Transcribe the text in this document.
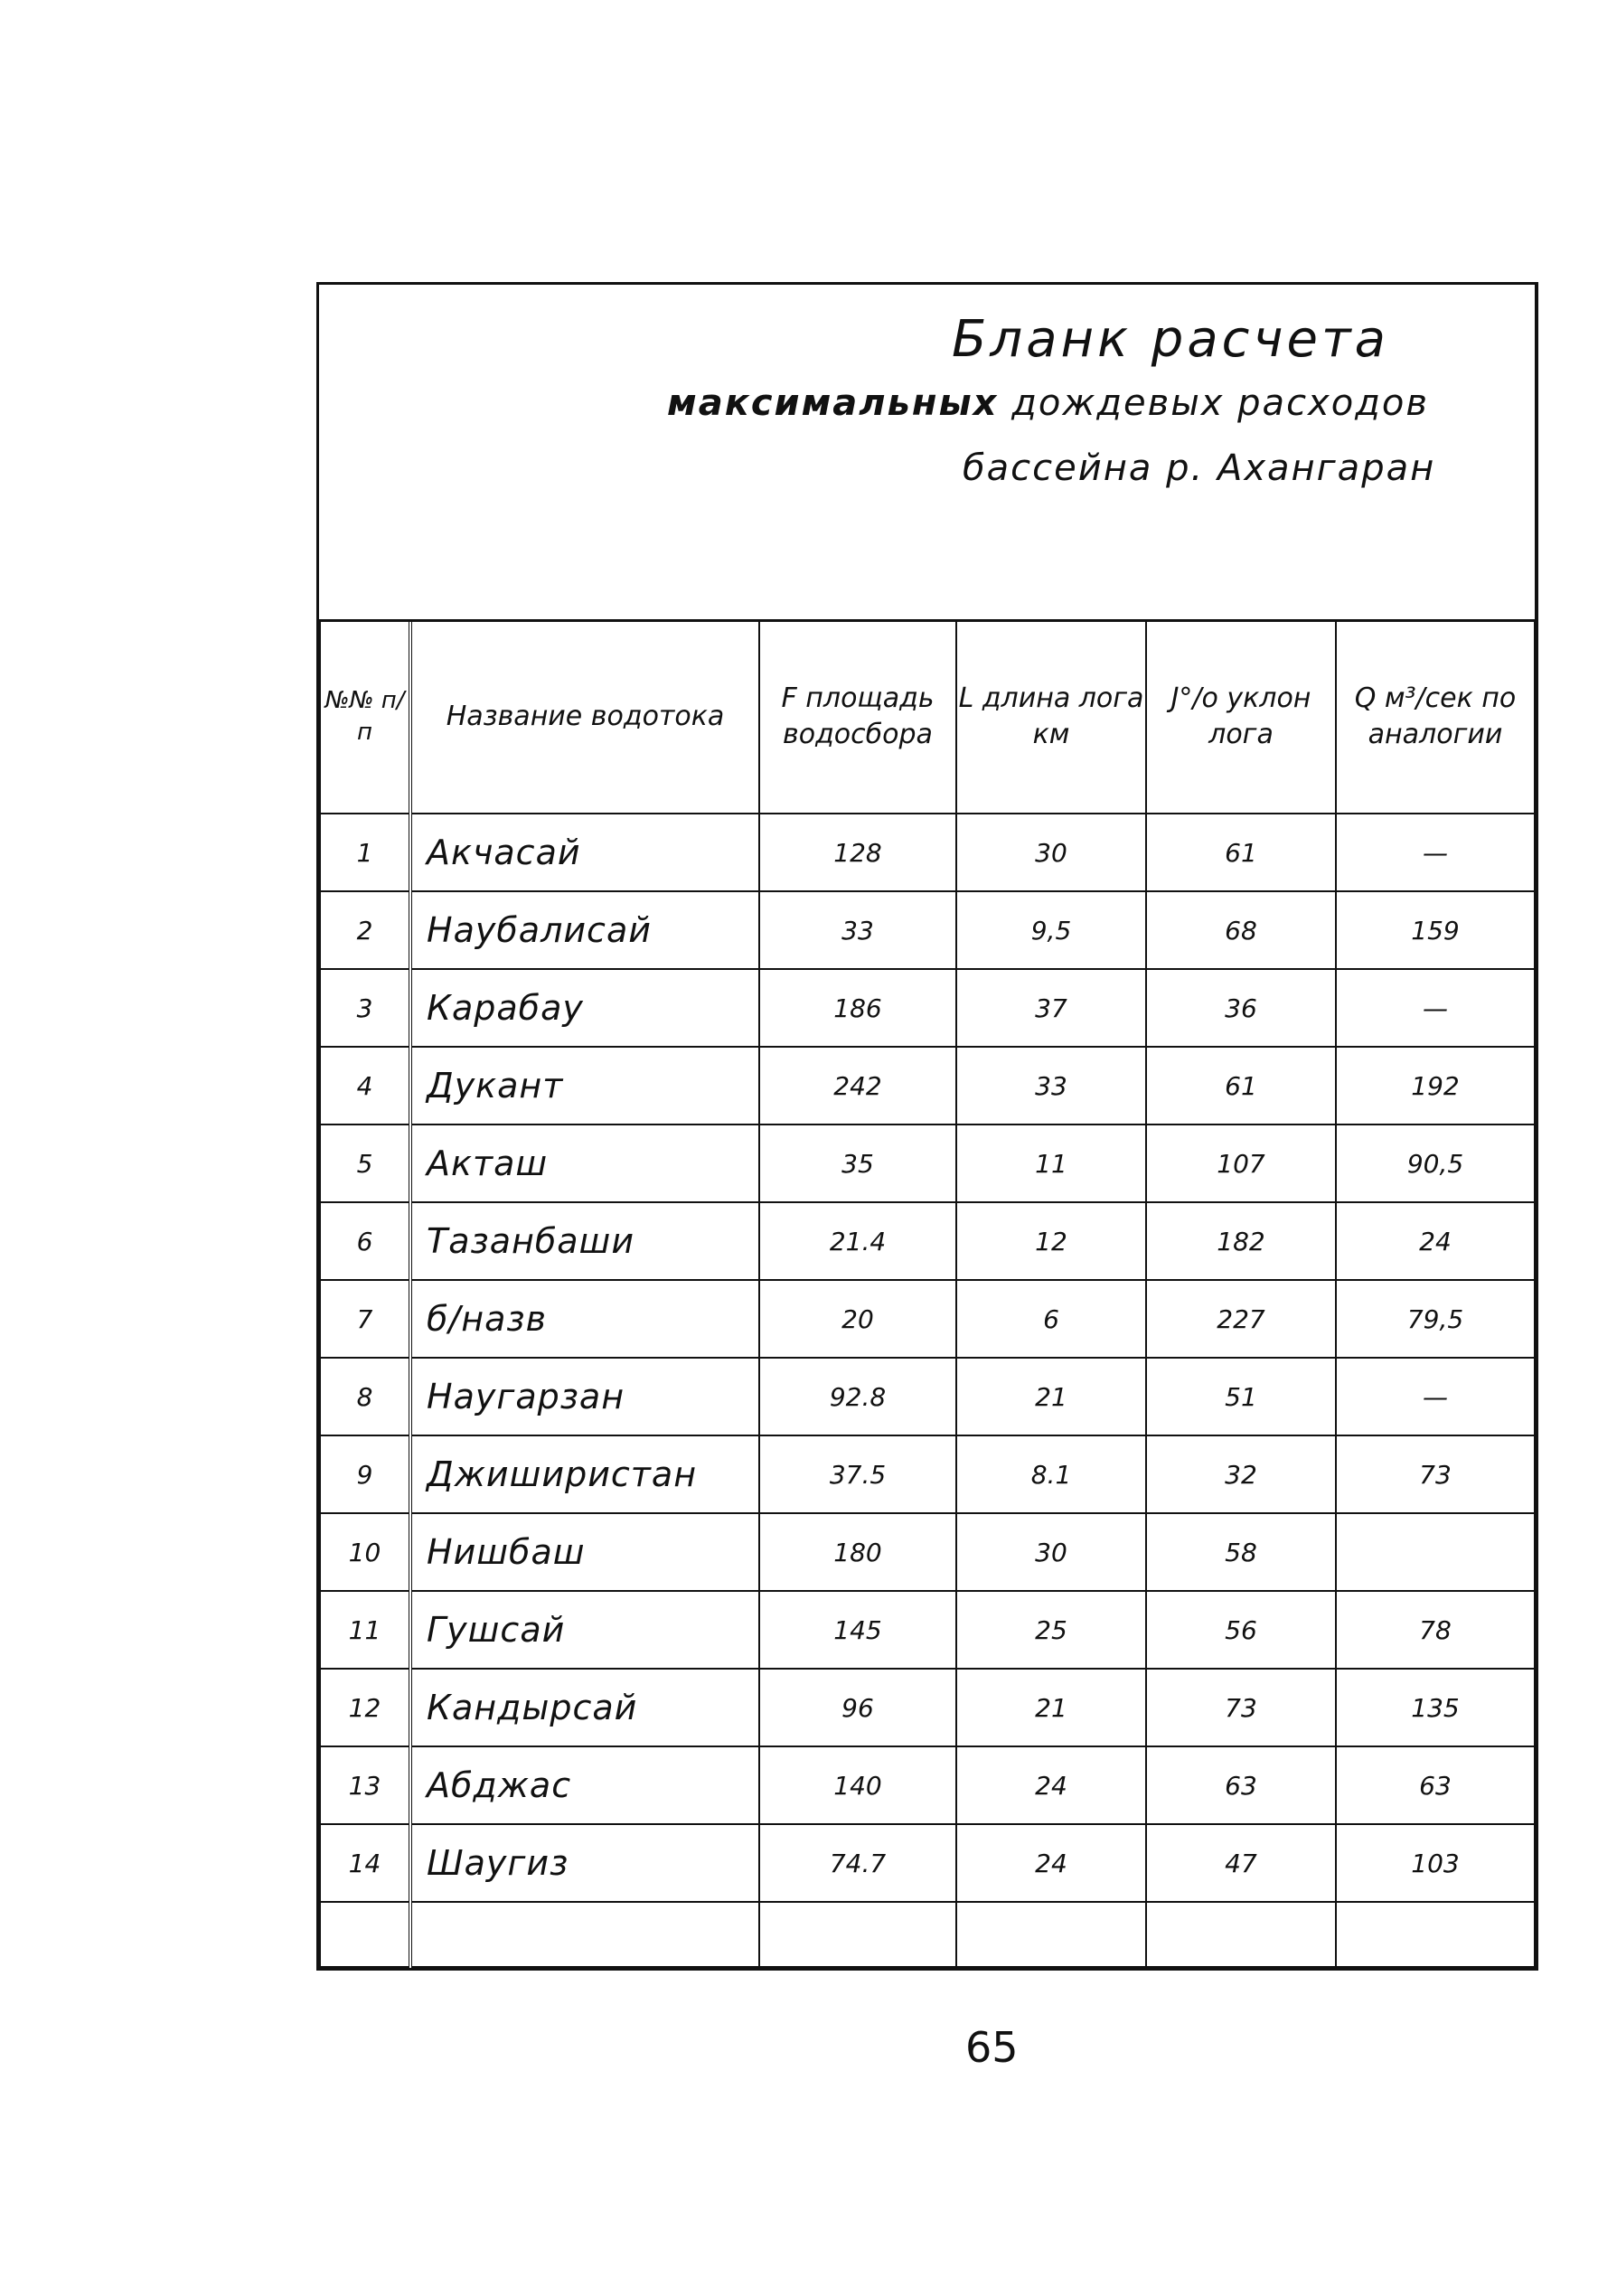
Бланк расчета
максимальных дождевых расходов
бассейна р. Ахангаран
№№ п/п	Название водотока	F площадь водосбора	L длина лога км	J°/o уклон лога	Q м³/сек по аналогии
1	Акчасай	128	30	61	—
2	Наубалисай	33	9,5	68	159
3	Карабау	186	37	36	—
4	Дукант	242	33	61	192
5	Акташ	35	11	107	90,5
6	Тазанбаши	21.4	12	182	24
7	б/назв	20	6	227	79,5
8	Наугарзан	92.8	21	51	—
9	Джиширистан	37.5	8.1	32	73
10	Нишбаш	180	30	58	
11	Гушсай	145	25	56	78
12	Кандырсай	96	21	73	135
13	Абджас	140	24	63	63
14	Шаугиз	74.7	24	47	103

65
